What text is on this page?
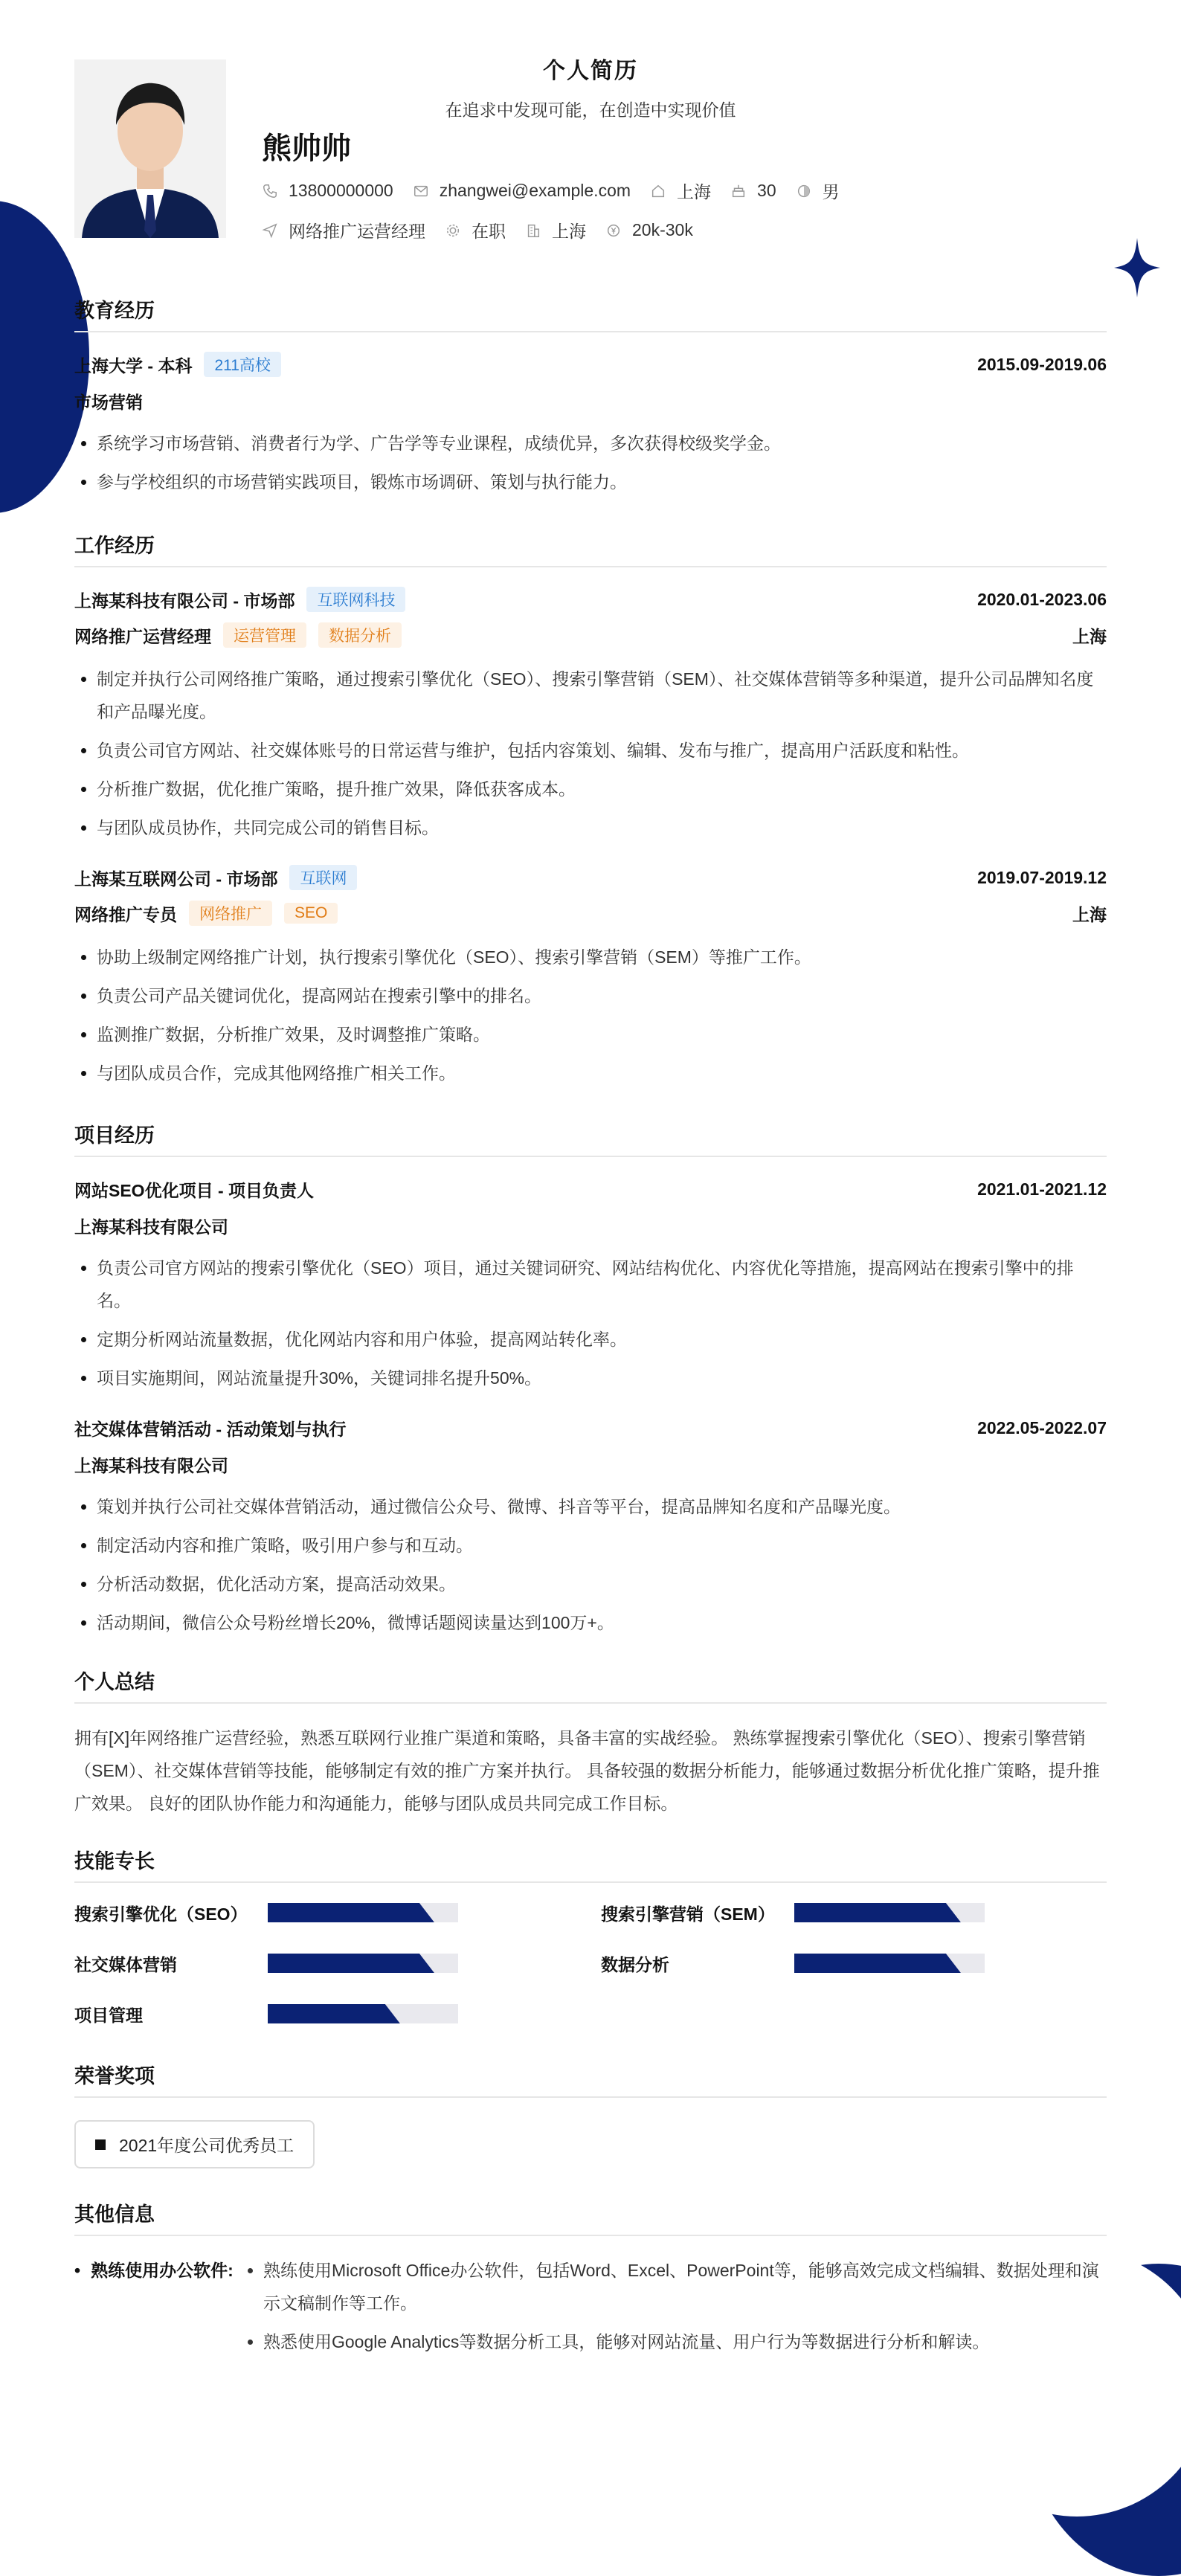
个人简历
在追求中发现可能，在创造中实现价值
熊帅帅
13800000000	zhangwei@example.com	上海	30	男
网络推广运营经理	在职	上海	20k-30k
教育经历
上海大学 - 本科	211高校	2015.09-2019.06
市场营销
• 系统学习市场营销、消费者行为学、广告学等专业课程，成绩优异，多次获得校级奖学金。
• 参与学校组织的市场营销实践项目，锻炼市场调研、策划与执行能力。
工作经历
上海某科技有限公司 - 市场部	互联网科技	2020.01-2023.06
网络推广运营经理	运营管理	数据分析	上海
• 制定并执行公司网络推广策略，通过搜索引擎优化（SEO）、搜索引擎营销（SEM）、社交媒体营销等多种渠道，提升公司品牌知名度和产品曝光度。
• 负责公司官方网站、社交媒体账号的日常运营与维护，包括内容策划、编辑、发布与推广，提高用户活跃度和粘性。
• 分析推广数据，优化推广策略，提升推广效果，降低获客成本。
• 与团队成员协作，共同完成公司的销售目标。
上海某互联网公司 - 市场部	互联网	2019.07-2019.12
网络推广专员	网络推广	SEO	上海
• 协助上级制定网络推广计划，执行搜索引擎优化（SEO）、搜索引擎营销（SEM）等推广工作。
• 负责公司产品关键词优化，提高网站在搜索引擎中的排名。
• 监测推广数据，分析推广效果，及时调整推广策略。
• 与团队成员合作，完成其他网络推广相关工作。
项目经历
网站SEO优化项目 - 项目负责人	2021.01-2021.12
上海某科技有限公司
• 负责公司官方网站的搜索引擎优化（SEO）项目，通过关键词研究、网站结构优化、内容优化等措施，提高网站在搜索引擎中的排名。
• 定期分析网站流量数据，优化网站内容和用户体验，提高网站转化率。
• 项目实施期间，网站流量提升30%，关键词排名提升50%。
社交媒体营销活动 - 活动策划与执行	2022.05-2022.07
上海某科技有限公司
• 策划并执行公司社交媒体营销活动，通过微信公众号、微博、抖音等平台，提高品牌知名度和产品曝光度。
• 制定活动内容和推广策略，吸引用户参与和互动。
• 分析活动数据，优化活动方案，提高活动效果。
• 活动期间，微信公众号粉丝增长20%，微博话题阅读量达到100万+。
个人总结
拥有[X]年网络推广运营经验，熟悉互联网行业推广渠道和策略，具备丰富的实战经验。 熟练掌握搜索引擎优化（SEO）、搜索引擎营销（SEM）、社交媒体营销等技能，能够制定有效的推广方案并执行。 具备较强的数据分析能力，能够通过数据分析优化推广策略，提升推广效果。 良好的团队协作能力和沟通能力，能够与团队成员共同完成工作目标。
技能专长
搜索引擎优化（SEO）	搜索引擎营销（SEM）
社交媒体营销	数据分析
项目管理
荣誉奖项
2021年度公司优秀员工
其他信息
• 熟练使用办公软件:
• 熟练使用Microsoft Office办公软件，包括Word、Excel、PowerPoint等，能够高效完成文档编辑、数据处理和演示文稿制作等工作。
• 熟悉使用Google Analytics等数据分析工具，能够对网站流量、用户行为等数据进行分析和解读。
